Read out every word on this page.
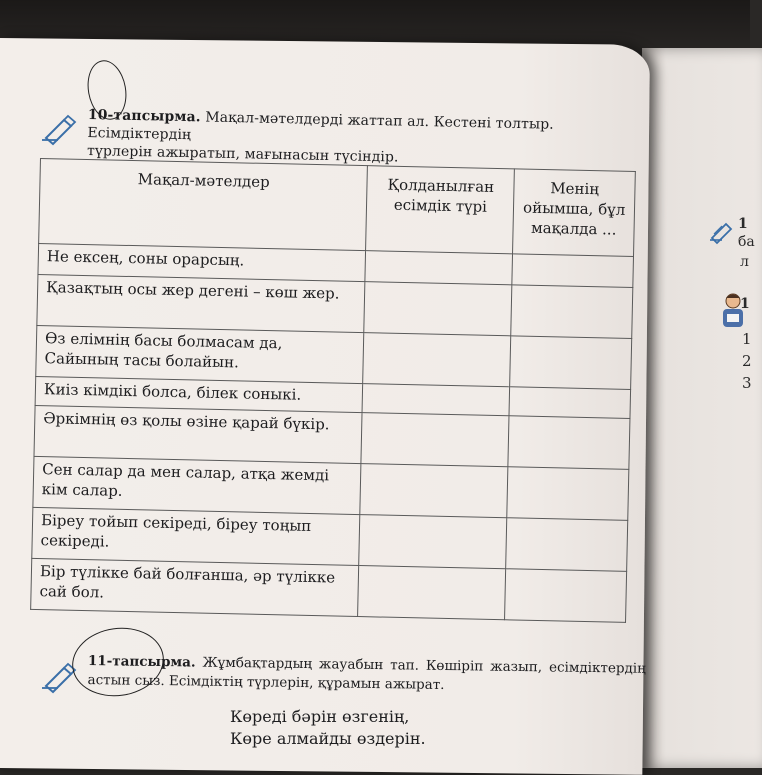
1
ба
л
1
1
2
3
10-тапсырма. Мақал-мәтелдерді жаттап ал. Кестені толтыр. Есімдіктердің
түрлерін ажыратып, мағынасын түсіндір.
Мақал-мәтелдер	Қолданылған есімдік түрі	Менің ойымша, бұл мақалда ...
Не ексең, соны орарсың.		
Қазақтың осы жер дегені – көш жер.		
Өз елімнің басы болмасам да, Сайының тасы болайын.		
Киіз кімдікі болса, білек соныкі.		
Әркімнің өз қолы өзіне қарай бүкір.		
Сен салар да мен салар, атқа жемді кім салар.		
Біреу тойып секіреді, біреу тоңып секіреді.		
Бір түлікке бай болғанша, әр түлікке сай бол.		
11-тапсырма. Жұмбақтардың жауабын тап. Көшіріп жазып, есімдіктердің астын сыз. Есімдіктің түрлерін, құрамын ажырат.
Көреді бәрін өзгенің,
Көре алмайды өздерін.
